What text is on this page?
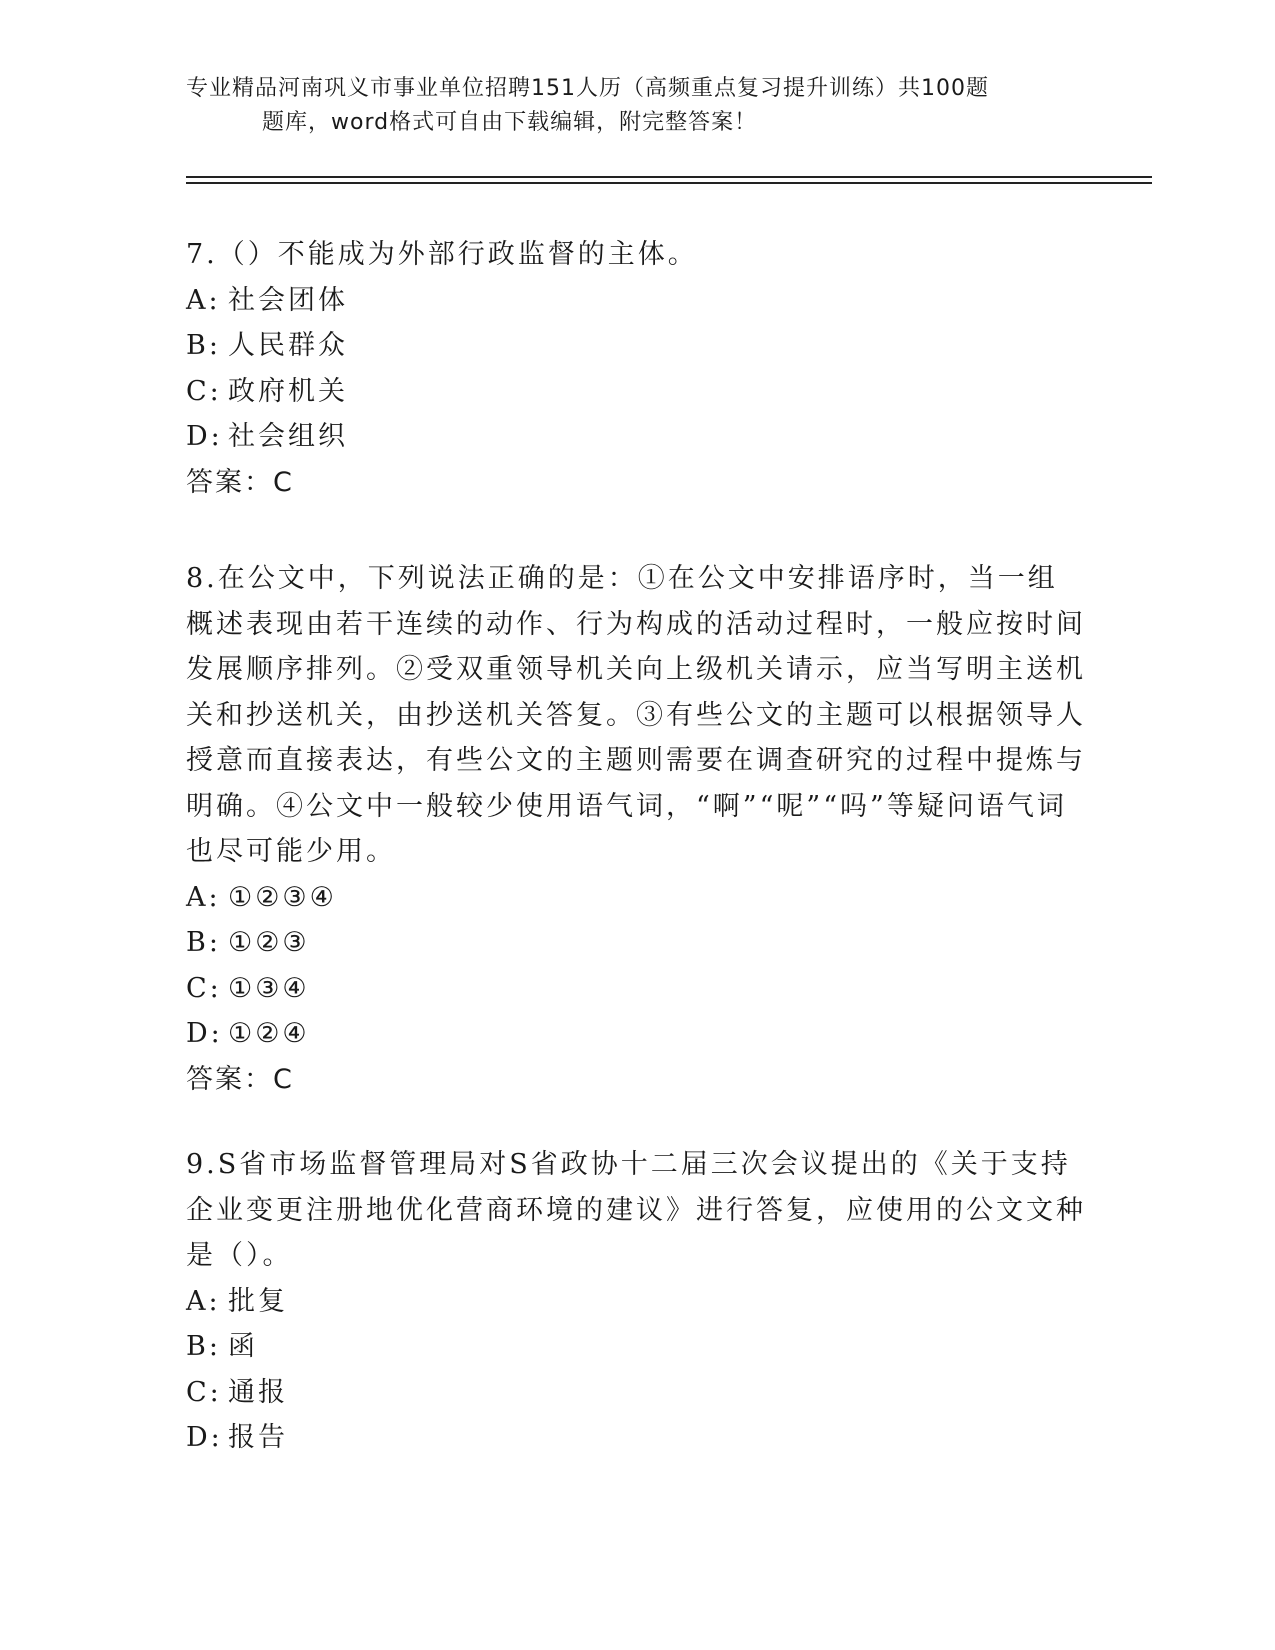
专业精品河南巩义市事业单位招聘151人历（高频重点复习提升训练）共100题
题库，word格式可自由下载编辑，附完整答案！
7.（）不能成为外部行政监督的主体。
A: 社会团体
B: 人民群众
C: 政府机关
D: 社会组织
答案：C
8.在公文中，下列说法正确的是：①在公文中安排语序时，当一组概述表现由若干连续的动作、行为构成的活动过程时，一般应按时间发展顺序排列。②受双重领导机关向上级机关请示，应当写明主送机关和抄送机关，由抄送机关答复。③有些公文的主题可以根据领导人授意而直接表达，有些公文的主题则需要在调查研究的过程中提炼与明确。④公文中一般较少使用语气词，“啊”“呢”“吗”等疑问语气词也尽可能少用。
A: ①②③④
B: ①②③
C: ①③④
D: ①②④
答案：C
9.S省市场监督管理局对S省政协十二届三次会议提出的《关于支持企业变更注册地优化营商环境的建议》进行答复，应使用的公文文种是（）。
A: 批复
B: 函
C: 通报
D: 报告
